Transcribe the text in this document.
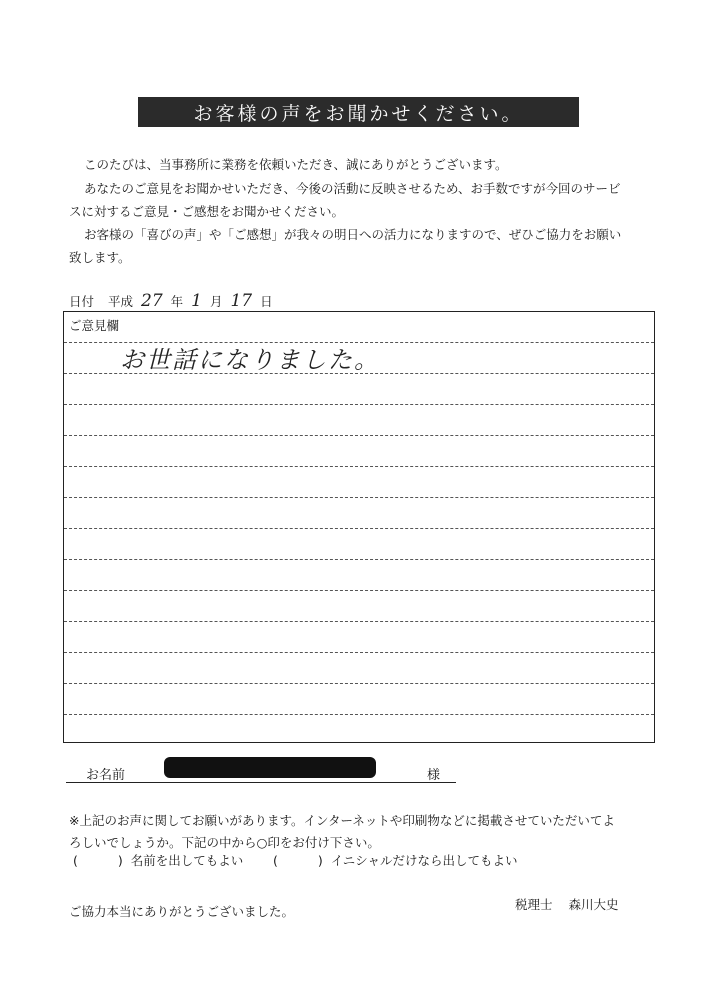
お客様の声をお聞かせください。

このたびは、当事務所に業務を依頼いただき、誠にありがとうございます。

あなたのご意見をお聞かせいただき、今後の活動に反映させるため、お手数ですが今回のサービ

スに対するご意見・ご感想をお聞かせください。

お客様の「喜びの声」や「ご感想」が我々の明日への活力になりますので、ぜひご協力をお願い

致します。

日付 平成 27 年 1 月 17 日
ご意見欄
お世話になりました。
お名前	様

※上記のお声に関してお願いがあります。インターネットや印刷物などに掲載させていただいてよ

ろしいでしょうか。下記の中から○印をお付け下さい。

(	) 名前を出してもよい (	) イニシャルだけなら出してもよい
ご協力本当にありがとうございました。	税理士 森川大史
